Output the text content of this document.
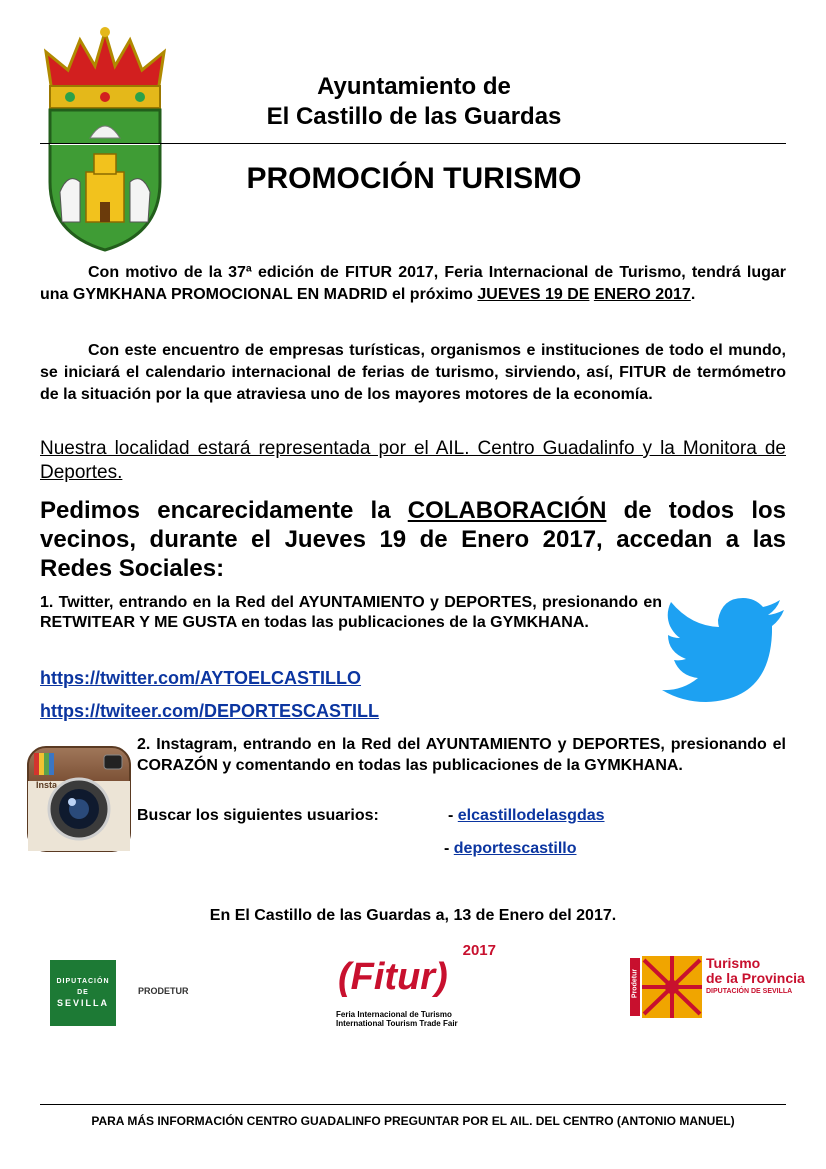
Ayuntamiento de
El Castillo de las Guardas
PROMOCIÓN TURISMO
Con motivo de la 37ª edición de FITUR 2017, Feria Internacional de Turismo, tendrá lugar una GYMKHANA PROMOCIONAL EN MADRID el próximo JUEVES 19 DE ENERO 2017.
Con este encuentro de empresas turísticas, organismos e instituciones de todo el mundo, se iniciará el calendario internacional de ferias de turismo, sirviendo, así, FITUR de termómetro de la situación por la que atraviesa uno de los mayores motores de la economía.
Nuestra localidad estará representada por el AIL. Centro Guadalinfo y la Monitora de Deportes.
Pedimos encarecidamente la COLABORACIÓN de todos los vecinos, durante el Jueves 19 de Enero 2017, accedan a las Redes Sociales:
1. Twitter, entrando en la Red del AYUNTAMIENTO y DEPORTES, presionando en RETWITEAR Y ME GUSTA en todas las publicaciones de la GYMKHANA.
https://twitter.com/AYTOELCASTILLO
https://twiteer.com/DEPORTESCASTILL
Insta
2. Instagram, entrando en la Red del AYUNTAMIENTO y DEPORTES, presionando el CORAZÓN y comentando en todas las publicaciones de la GYMKHANA.
Buscar los siguientes usuarios:	- elcastillodelasgdas
- deportescastillo
En El Castillo de las Guardas a, 13 de Enero del 2017.
DIPUTACIÓN
DE
SEVILLA
PRODETUR
2017
(Fitur)
Feria Internacional de Turismo
International Tourism Trade Fair
Prodetur
Turismo
de la Provincia
DIPUTACIÓN DE SEVILLA
PARA MÁS INFORMACIÓN CENTRO GUADALINFO PREGUNTAR POR EL AIL. DEL CENTRO (ANTONIO MANUEL)
